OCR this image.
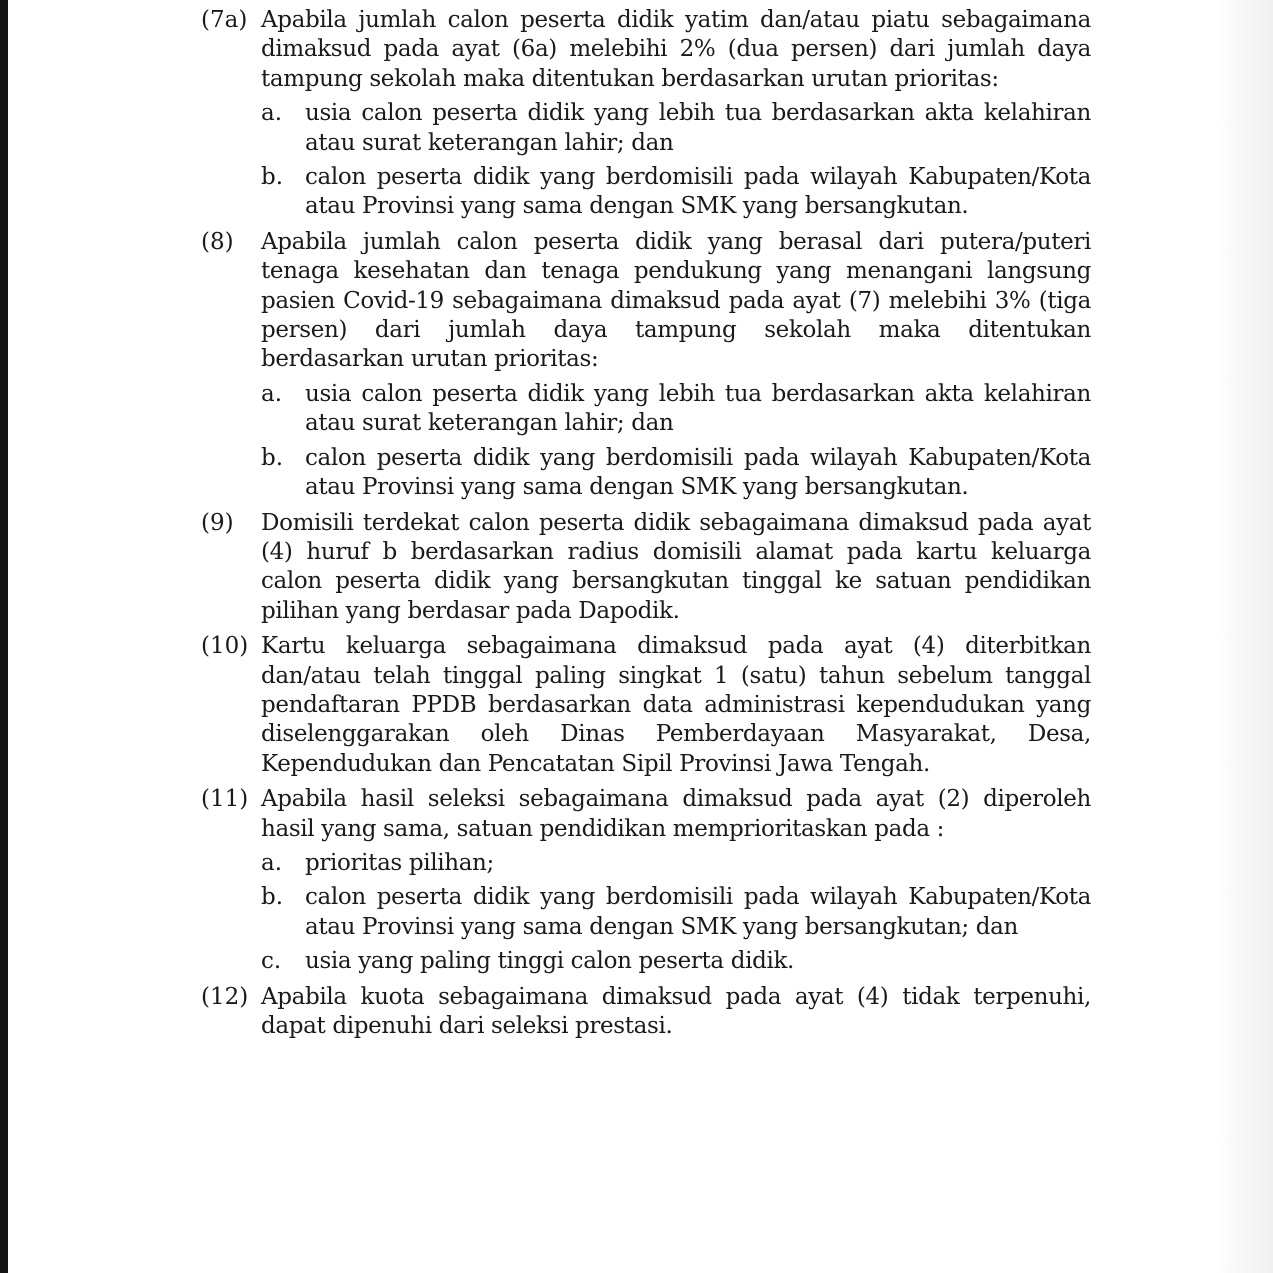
(7a) Apabila jumlah calon peserta didik yatim dan/atau piatu sebagaimana dimaksud pada ayat (6a) melebihi 2% (dua persen) dari jumlah daya tampung sekolah maka ditentukan berdasarkan urutan prioritas:

a. usia calon peserta didik yang lebih tua berdasarkan akta kelahiran atau surat keterangan lahir; dan

b. calon peserta didik yang berdomisili pada wilayah Kabupaten/Kota atau Provinsi yang sama dengan SMK yang bersangkutan.

(8) Apabila jumlah calon peserta didik yang berasal dari putera/puteri tenaga kesehatan dan tenaga pendukung yang menangani langsung pasien Covid-19 sebagaimana dimaksud pada ayat (7) melebihi 3% (tiga persen) dari jumlah daya tampung sekolah maka ditentukan berdasarkan urutan prioritas:

a. usia calon peserta didik yang lebih tua berdasarkan akta kelahiran atau surat keterangan lahir; dan

b. calon peserta didik yang berdomisili pada wilayah Kabupaten/Kota atau Provinsi yang sama dengan SMK yang bersangkutan.

(9) Domisili terdekat calon peserta didik sebagaimana dimaksud pada ayat (4) huruf b berdasarkan radius domisili alamat pada kartu keluarga calon peserta didik yang bersangkutan tinggal ke satuan pendidikan pilihan yang berdasar pada Dapodik.

(10) Kartu keluarga sebagaimana dimaksud pada ayat (4) diterbitkan dan/atau telah tinggal paling singkat 1 (satu) tahun sebelum tanggal pendaftaran PPDB berdasarkan data administrasi kependudukan yang diselenggarakan oleh Dinas Pemberdayaan Masyarakat, Desa, Kependudukan dan Pencatatan Sipil Provinsi Jawa Tengah.

(11) Apabila hasil seleksi sebagaimana dimaksud pada ayat (2) diperoleh hasil yang sama, satuan pendidikan memprioritaskan pada :

a. prioritas pilihan;

b. calon peserta didik yang berdomisili pada wilayah Kabupaten/Kota atau Provinsi yang sama dengan SMK yang bersangkutan; dan

c. usia yang paling tinggi calon peserta didik.

(12) Apabila kuota sebagaimana dimaksud pada ayat (4) tidak terpenuhi, dapat dipenuhi dari seleksi prestasi.
